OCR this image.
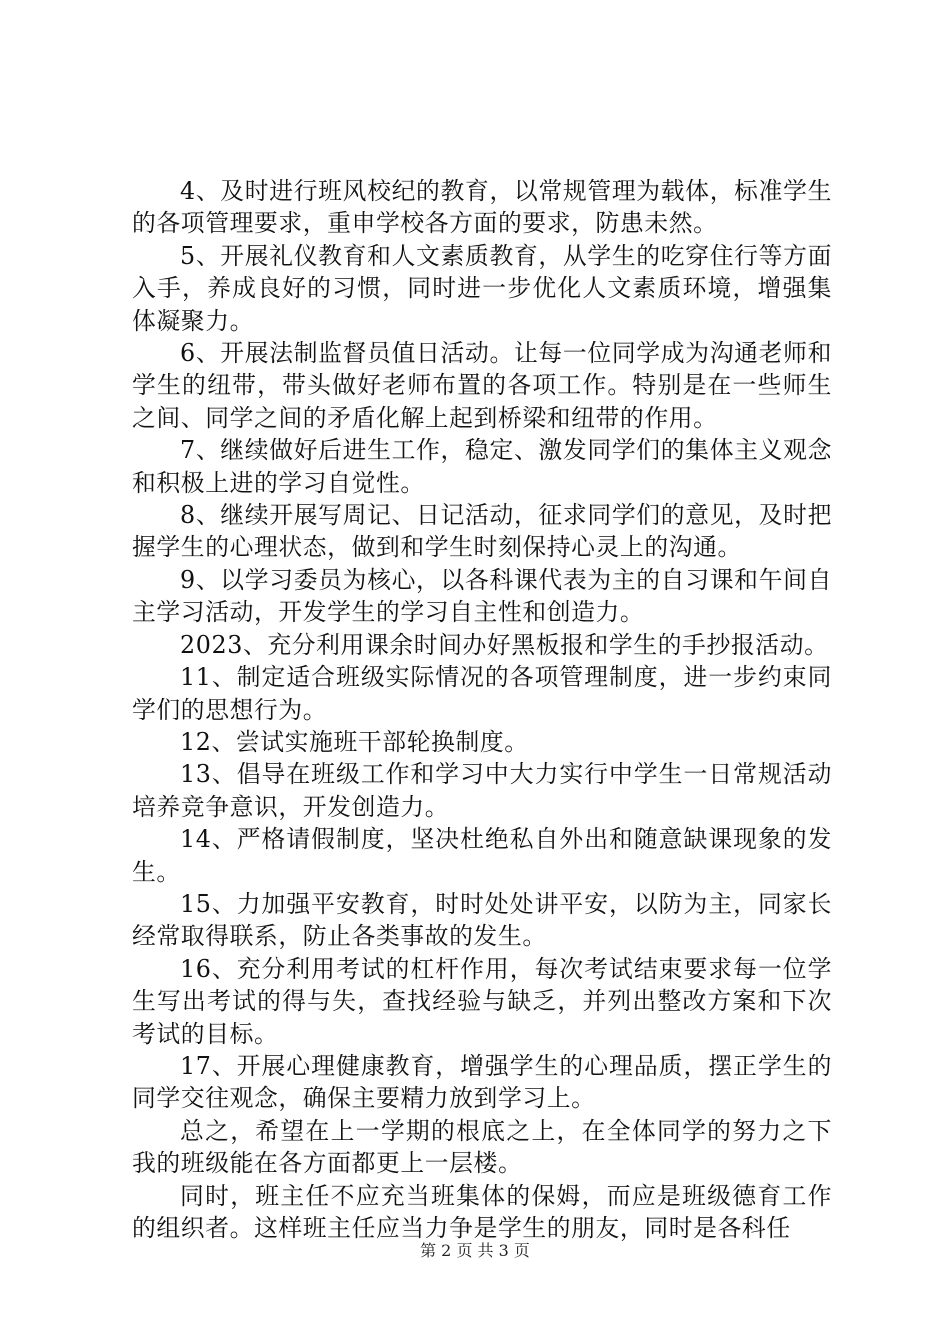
4、及时进行班风校纪的教育，以常规管理为载体，标准学生的各项管理要求，重申学校各方面的要求，防患未然。

5、开展礼仪教育和人文素质教育，从学生的吃穿住行等方面入手，养成良好的习惯，同时进一步优化人文素质环境，增强集体凝聚力。

6、开展法制监督员值日活动。让每一位同学成为沟通老师和学生的纽带，带头做好老师布置的各项工作。特别是在一些师生之间、同学之间的矛盾化解上起到桥梁和纽带的作用。

7、继续做好后进生工作，稳定、激发同学们的集体主义观念和积极上进的学习自觉性。

8、继续开展写周记、日记活动，征求同学们的意见，及时把握学生的心理状态，做到和学生时刻保持心灵上的沟通。

9、以学习委员为核心，以各科课代表为主的自习课和午间自主学习活动，开发学生的学习自主性和创造力。

2023、充分利用课余时间办好黑板报和学生的手抄报活动。

11、制定适合班级实际情况的各项管理制度，进一步约束同学们的思想行为。

12、尝试实施班干部轮换制度。

13、倡导在班级工作和学习中大力实行中学生一日常规活动培养竞争意识，开发创造力。

14、严格请假制度，坚决杜绝私自外出和随意缺课现象的发生。

15、力加强平安教育，时时处处讲平安，以防为主，同家长经常取得联系，防止各类事故的发生。

16、充分利用考试的杠杆作用，每次考试结束要求每一位学生写出考试的得与失，查找经验与缺乏，并列出整改方案和下次考试的目标。

17、开展心理健康教育，增强学生的心理品质，摆正学生的同学交往观念，确保主要精力放到学习上。

总之，希望在上一学期的根底之上，在全体同学的努力之下我的班级能在各方面都更上一层楼。

同时，班主任不应充当班集体的保姆，而应是班级德育工作的组织者。这样班主任应当力争是学生的朋友，同时是各科任

第 2 页 共 3 页
